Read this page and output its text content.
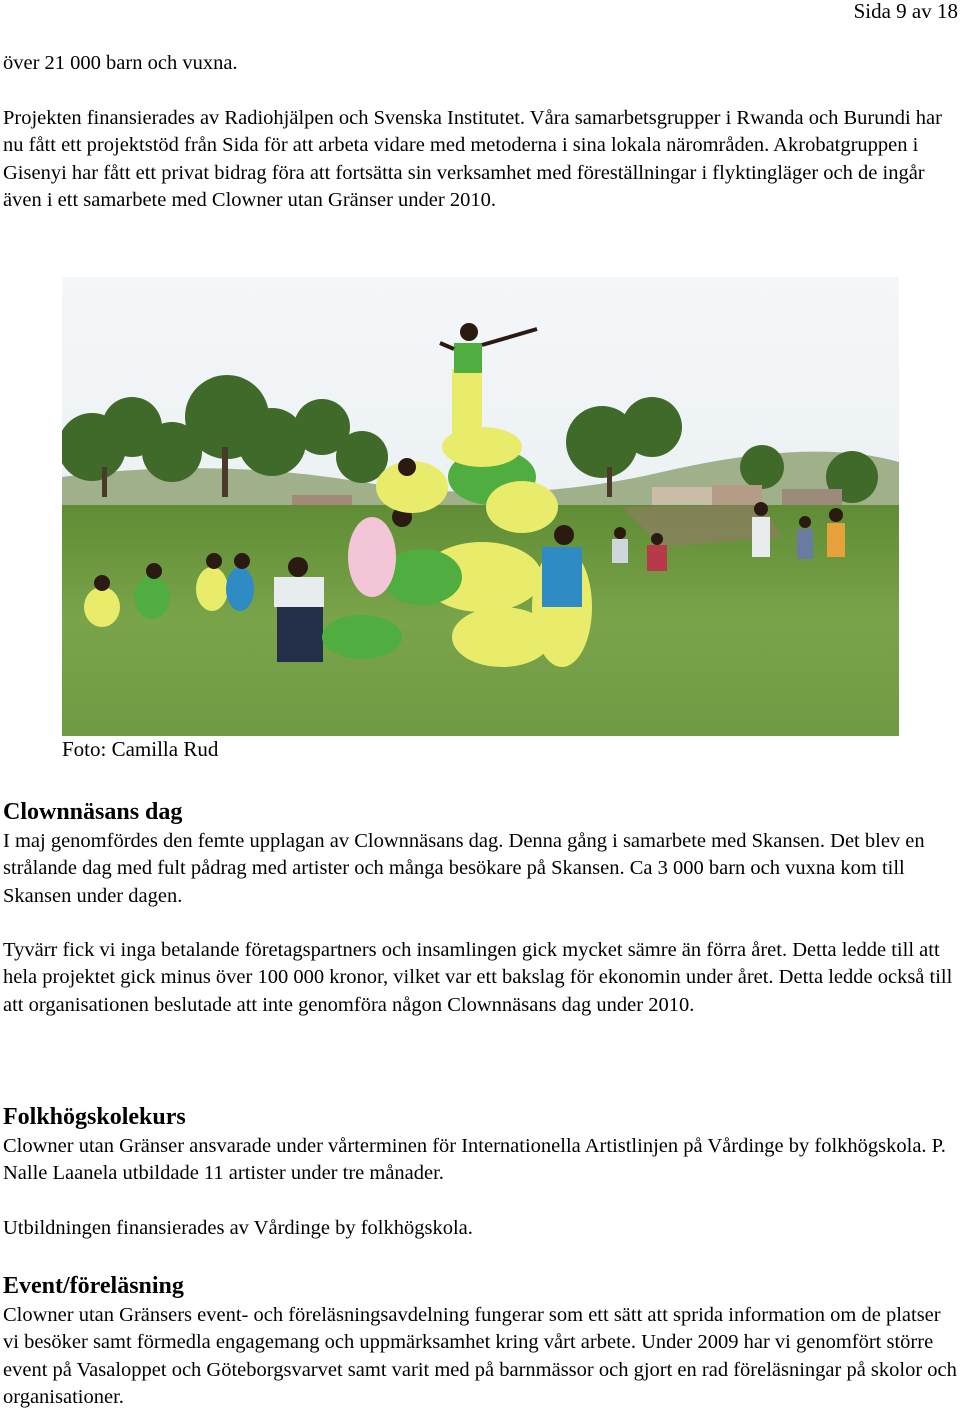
Sida 9 av 18

över 21 000 barn och vuxna.

Projekten finansierades av Radiohjälpen och Svenska Institutet. Våra samarbetsgrupper i Rwanda och Burundi har nu fått ett projektstöd från Sida för att arbeta vidare med metoderna i sina lokala närområden. Akrobatgruppen i Gisenyi har fått ett privat bidrag föra att fortsätta sin verksamhet med föreställningar i flyktingläger och de ingår även i ett samarbete med Clowner utan Gränser under 2010.

Foto: Camilla Rud
Clownnäsans dag

I maj genomfördes den femte upplagan av Clownnäsans dag. Denna gång i samarbete med Skansen. Det blev en strålande dag med fult pådrag med artister och många besökare på Skansen. Ca 3 000 barn och vuxna kom till Skansen under dagen.

Tyvärr fick vi inga betalande företagspartners och insamlingen gick mycket sämre än förra året. Detta ledde till att hela projektet gick minus över 100 000 kronor, vilket var ett bakslag för ekonomin under året. Detta ledde också till att organisationen beslutade att inte genomföra någon Clownnäsans dag under 2010.

Folkhögskolekurs

Clowner utan Gränser ansvarade under vårterminen för Internationella Artistlinjen på Vårdinge by folkhögskola. P. Nalle Laanela utbildade 11 artister under tre månader.

Utbildningen finansierades av Vårdinge by folkhögskola.

Event/föreläsning

Clowner utan Gränsers event- och föreläsningsavdelning fungerar som ett sätt att sprida information om de platser vi besöker samt förmedla engagemang och uppmärksamhet kring vårt arbete. Under 2009 har vi genomfört större event på Vasaloppet och Göteborgsvarvet samt varit med på barnmässor och gjort en rad föreläsningar på skolor och organisationer.
